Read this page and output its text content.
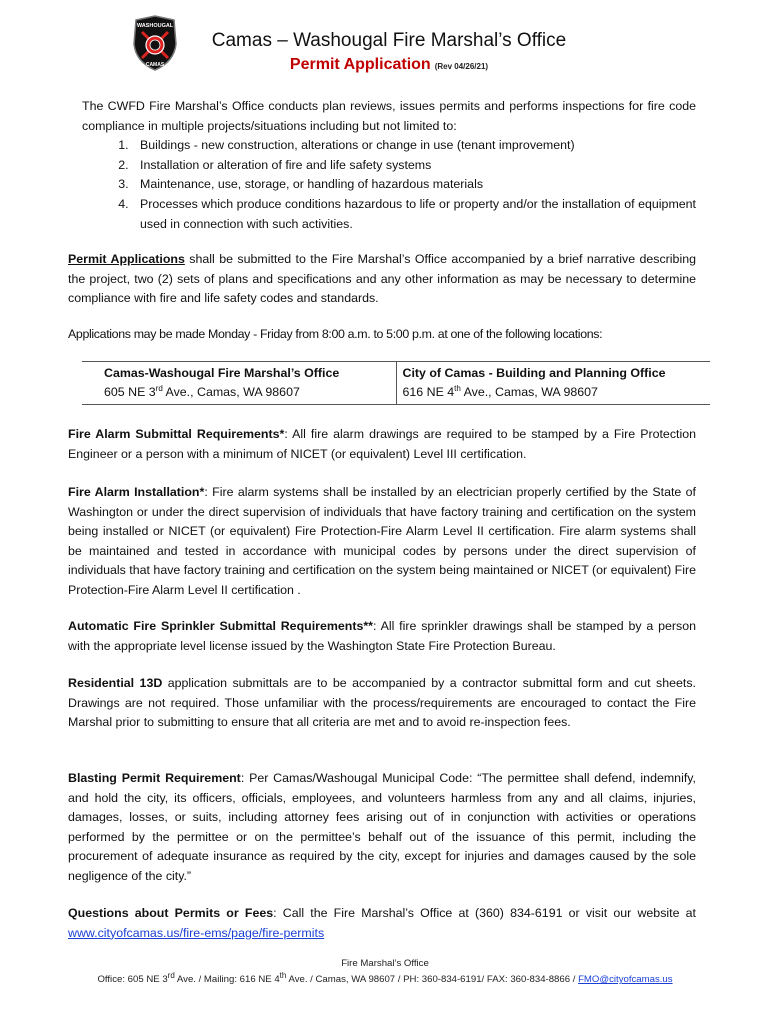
WASHOUGAL
CAMAS
Camas – Washougal Fire Marshal’s Office
Permit Application (Rev 04/26/21)
The CWFD Fire Marshal’s Office conducts plan reviews, issues permits and performs inspections for fire code compliance in multiple projects/situations including but not limited to:
1. Buildings - new construction, alterations or change in use (tenant improvement)
2. Installation or alteration of fire and life safety systems
3. Maintenance, use, storage, or handling of hazardous materials
4. Processes which produce conditions hazardous to life or property and/or the installation of equipment used in connection with such activities.
Permit Applications shall be submitted to the Fire Marshal’s Office accompanied by a brief narrative describing the project, two (2) sets of plans and specifications and any other information as may be necessary to determine compliance with fire and life safety codes and standards.
Applications may be made Monday - Friday from 8:00 a.m. to 5:00 p.m. at one of the following locations:
Camas-Washougal Fire Marshal’s Office
605 NE 3rd Ave., Camas, WA 98607

City of Camas - Building and Planning Office
616 NE 4th Ave., Camas, WA 98607
Fire Alarm Submittal Requirements*: All fire alarm drawings are required to be stamped by a Fire Protection Engineer or a person with a minimum of NICET (or equivalent) Level III certification.
Fire Alarm Installation*: Fire alarm systems shall be installed by an electrician properly certified by the State of Washington or under the direct supervision of individuals that have factory training and certification on the system being installed or NICET (or equivalent) Fire Protection-Fire Alarm Level II certification. Fire alarm systems shall be maintained and tested in accordance with municipal codes by persons under the direct supervision of individuals that have factory training and certification on the system being maintained or NICET (or equivalent) Fire Protection-Fire Alarm Level II certification .
Automatic Fire Sprinkler Submittal Requirements**: All fire sprinkler drawings shall be stamped by a person with the appropriate level license issued by the Washington State Fire Protection Bureau.
Residential 13D application submittals are to be accompanied by a contractor submittal form and cut sheets. Drawings are not required. Those unfamiliar with the process/requirements are encouraged to contact the Fire Marshal prior to submitting to ensure that all criteria are met and to avoid re-inspection fees.
Blasting Permit Requirement: Per Camas/Washougal Municipal Code: “The permittee shall defend, indemnify, and hold the city, its officers, officials, employees, and volunteers harmless from any and all claims, injuries, damages, losses, or suits, including attorney fees arising out of in conjunction with activities or operations performed by the permittee or on the permittee’s behalf out of the issuance of this permit, including the procurement of adequate insurance as required by the city, except for injuries and damages caused by the sole negligence of the city.”
Questions about Permits or Fees: Call the Fire Marshal’s Office at (360) 834-6191 or visit our website at www.cityofcamas.us/fire-ems/page/fire-permits
Fire Marshal’s Office
Office: 605 NE 3rd Ave. / Mailing: 616 NE 4th Ave. / Camas, WA 98607 / PH: 360-834-6191/ FAX: 360-834-8866 / FMO@cityofcamas.us
